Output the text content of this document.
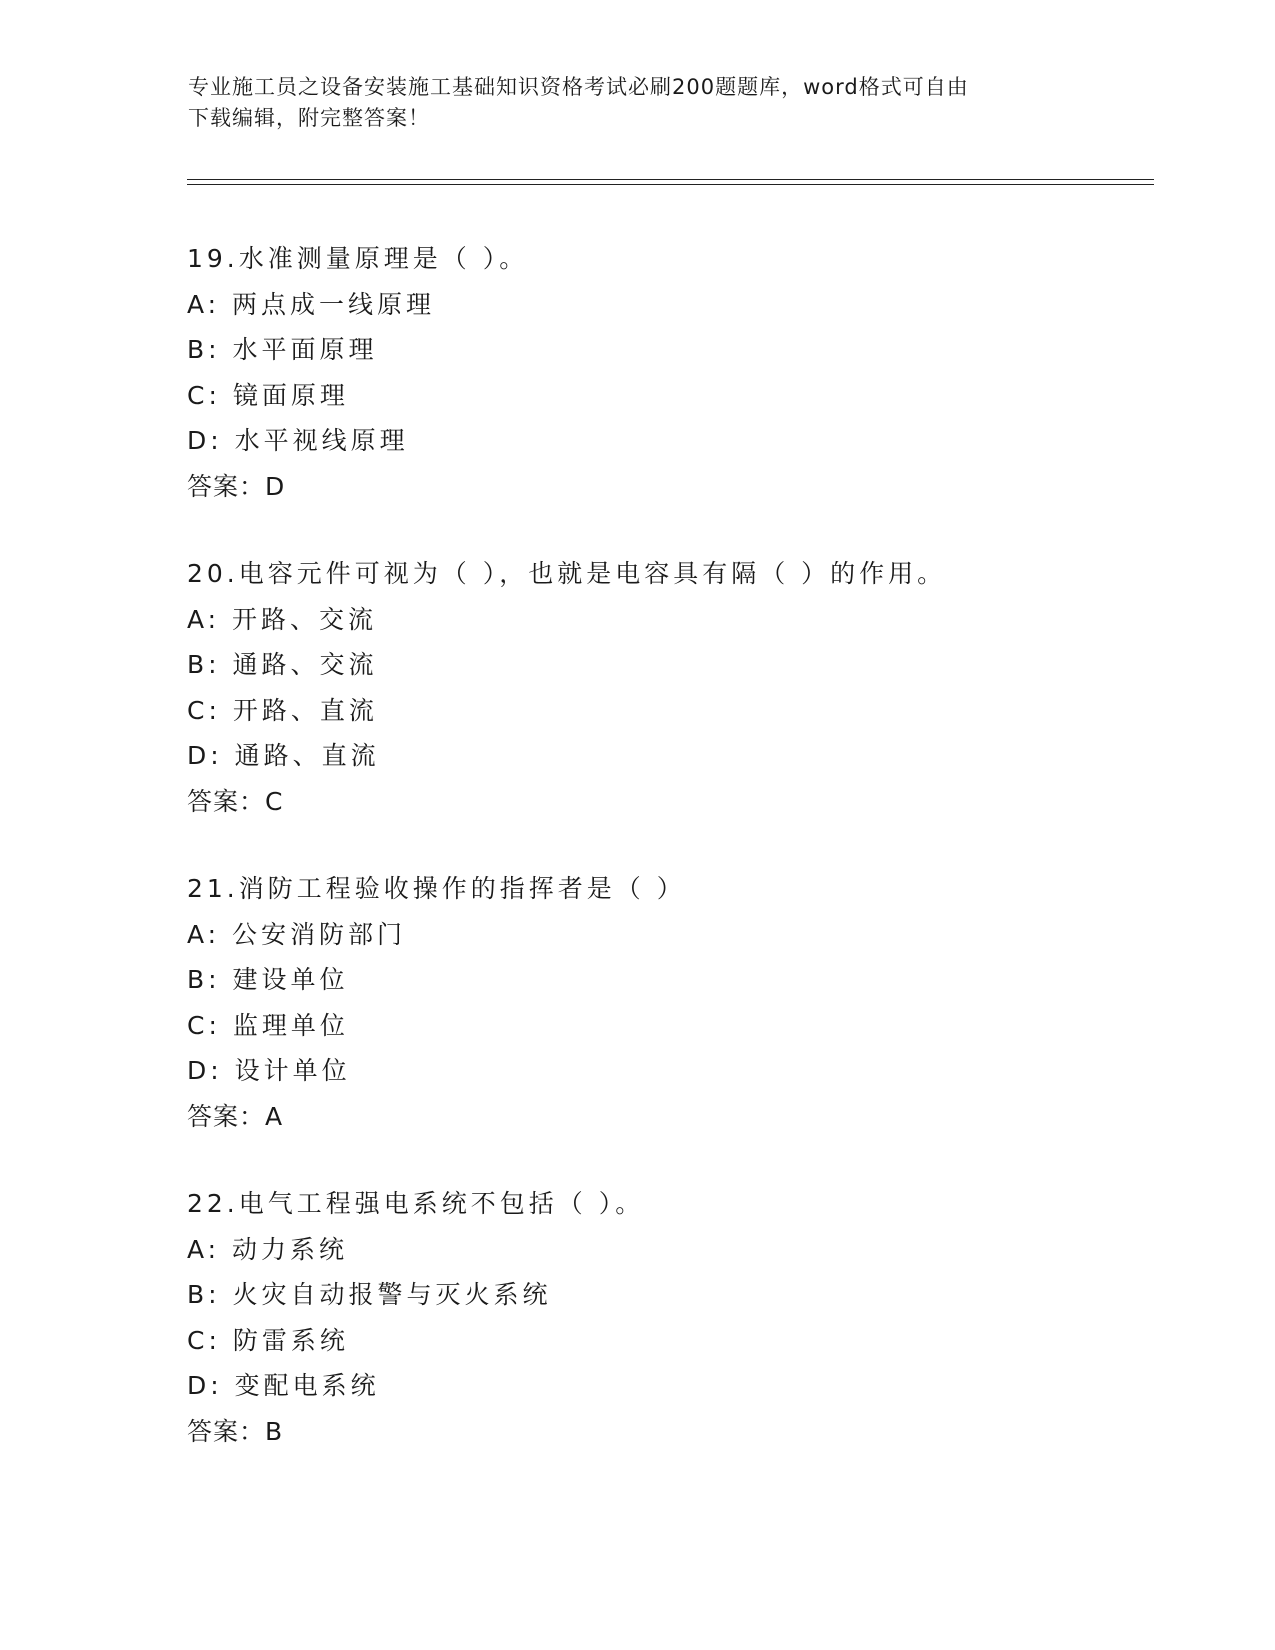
专业施工员之设备安装施工基础知识资格考试必刷200题题库，word格式可自由
下载编辑，附完整答案！
19.水准测量原理是（ ）。
A: 两点成一线原理
B: 水平面原理
C: 镜面原理
D: 水平视线原理
答案：D
20.电容元件可视为（ ），也就是电容具有隔（ ）的作用。
A: 开路、交流
B: 通路、交流
C: 开路、直流
D: 通路、直流
答案：C
21.消防工程验收操作的指挥者是（ ）
A: 公安消防部门
B: 建设单位
C: 监理单位
D: 设计单位
答案：A
22.电气工程强电系统不包括（ ）。
A: 动力系统
B: 火灾自动报警与灭火系统
C: 防雷系统
D: 变配电系统
答案：B
